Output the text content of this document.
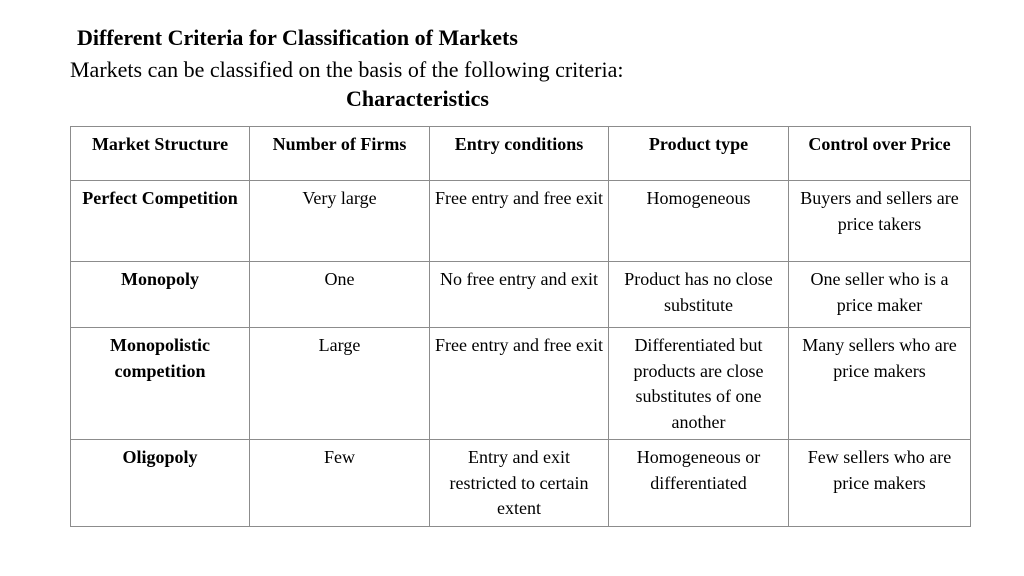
Different Criteria for Classification of Markets
Markets can be classified on the basis of the following criteria:
Characteristics
Market Structure	Number of Firms	Entry conditions	Product type	Control over Price
Perfect Competition	Very large	Free entry and free exit	Homogeneous	Buyers and sellers are price takers
Monopoly	One	No free entry and exit	Product has no close substitute	One seller who is a price maker
Monopolistic competition	Large	Free entry and free exit	Differentiated but products are close substitutes of one another	Many sellers who are price makers
Oligopoly	Few	Entry and exit restricted to certain extent	Homogeneous or differentiated	Few sellers who are price makers
